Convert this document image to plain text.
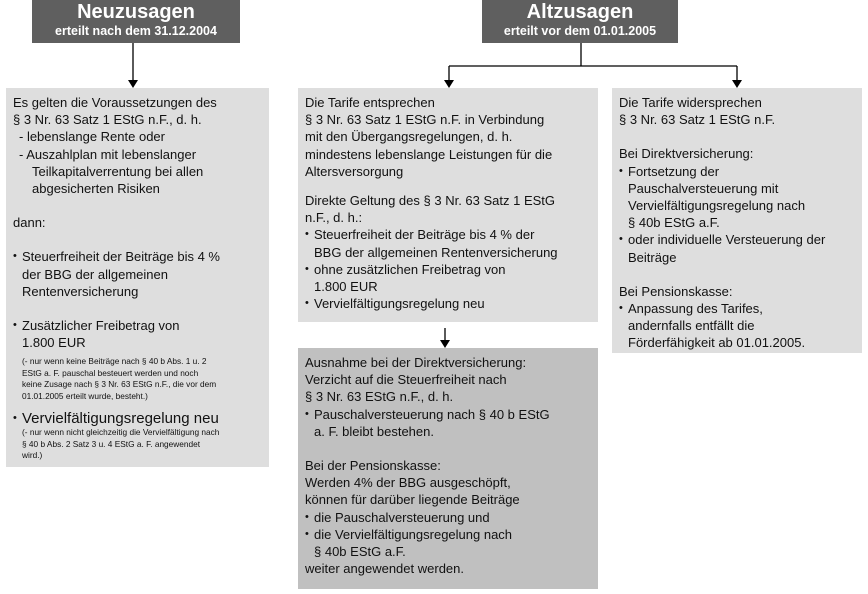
Neuzusagen
erteilt nach dem 31.12.2004
Altzusagen
erteilt vor dem 01.01.2005
Es gelten die Voraussetzungen des
§ 3 Nr. 63 Satz 1 EStG n.F., d. h.
- lebenslange Rente oder
- Auszahlplan mit lebenslanger
Teilkapitalverrentung bei allen
abgesicherten Risiken
dann:
• Steuerfreiheit der Beiträge bis 4 %
der BBG der allgemeinen
Rentenversicherung
• Zusätzlicher Freibetrag von
1.800 EUR
(- nur wenn keine Beiträge nach § 40 b Abs. 1 u. 2
EStG a. F. pauschal besteuert werden und noch
keine Zusage nach § 3 Nr. 63 EStG n.F., die vor dem
01.01.2005 erteilt wurde, besteht.)
• Vervielfältigungsregelung neu
(- nur wenn nicht gleichzeitig die Vervielfältigung nach
§ 40 b Abs. 2 Satz 3 u. 4 EStG a. F. angewendet
wird.)
Die Tarife entsprechen
§ 3 Nr. 63 Satz 1 EStG n.F. in Verbindung
mit den Übergangsregelungen, d. h.
mindestens lebenslange Leistungen für die
Altersversorgung
Direkte Geltung des § 3 Nr. 63 Satz 1 EStG
n.F., d. h.:
• Steuerfreiheit der Beiträge bis 4 % der
BBG der allgemeinen Rentenversicherung
• ohne zusätzlichen Freibetrag von
1.800 EUR
• Vervielfältigungsregelung neu
Ausnahme bei der Direktversicherung:
Verzicht auf die Steuerfreiheit nach
§ 3 Nr. 63 EStG n.F., d. h.
• Pauschalversteuerung nach § 40 b EStG
a. F. bleibt bestehen.
Bei der Pensionskasse:
Werden 4% der BBG ausgeschöpft,
können für darüber liegende Beiträge
• die Pauschalversteuerung und
• die Vervielfältigungsregelung nach
§ 40b EStG a.F.
weiter angewendet werden.
Die Tarife widersprechen
§ 3 Nr. 63 Satz 1 EStG n.F.
Bei Direktversicherung:
• Fortsetzung der
Pauschalversteuerung mit
Vervielfältigungsregelung nach
§ 40b EStG a.F.
• oder individuelle Versteuerung der
Beiträge
Bei Pensionskasse:
• Anpassung des Tarifes,
andernfalls entfällt die
Förderfähigkeit ab 01.01.2005.
